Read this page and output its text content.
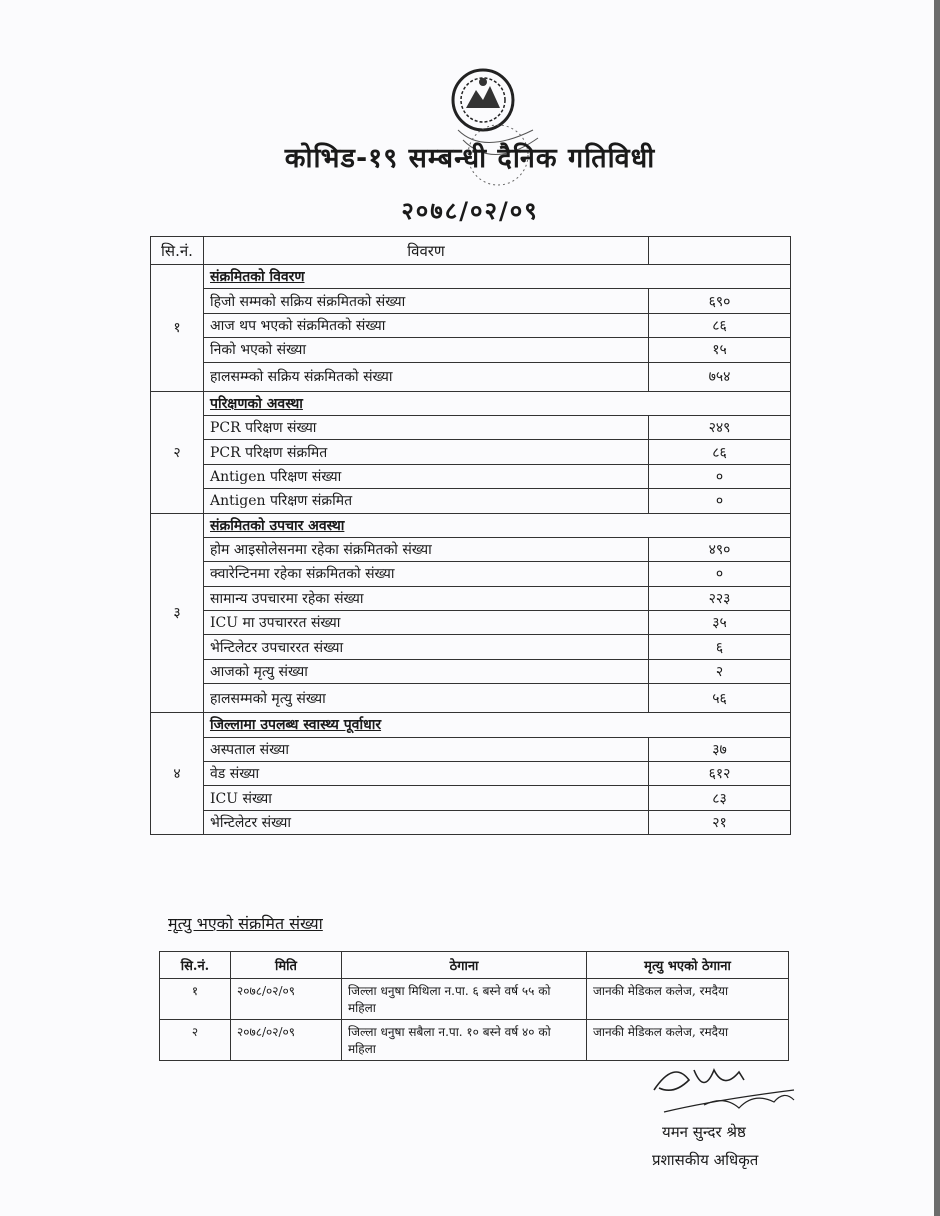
कोभिड-१९ सम्बन्धी दैनिक गतिविधी
२०७८/०२/०९
सि.नं.	विवरण	
१	संक्रमितको विवरण	
	हिजो सम्मको सक्रिय संक्रमितको संख्या	६९०
	आज थप भएको संक्रमितको संख्या	८६
	निको भएको संख्या	१५
	हालसम्म्को सक्रिय संक्रमितको संख्या	७५४
२	परिक्षणको अवस्था	
	PCR परिक्षण संख्या	२४९
	PCR परिक्षण संक्रमित	८६
	Antigen परिक्षण संख्या	०
	Antigen परिक्षण संक्रमित	०
३	संक्रमितको उपचार अवस्था	
	होम आइसोलेसनमा रहेका संक्रमितको संख्या	४९०
	क्वारेन्टिनमा रहेका संक्रमितको संख्या	०
	सामान्य उपचारमा रहेका संख्या	२२३
	ICU मा उपचाररत संख्या	३५
	भेन्टिलेटर उपचाररत संख्या	६
	आजको मृत्यु संख्या	२
	हालसम्मको मृत्यु संख्या	५६
४	जिल्लामा उपलब्ध स्वास्थ्य पूर्वाधार	
	अस्पताल संख्या	३७
	वेड संख्या	६१२
	ICU संख्या	८३
	भेन्टिलेटर संख्या	२१
मृत्यु भएको संक्रमित संख्या
सि.नं.	मिति	ठेगाना	मृत्यु भएको ठेगाना
१	२०७८/०२/०९	जिल्ला धनुषा मिथिला न.पा. ६ बस्ने वर्ष ५५ को महिला	जानकी मेडिकल कलेज, रमदैया
२	२०७८/०२/०९	जिल्ला धनुषा सबैला न.पा. १० बस्ने वर्ष ४० को महिला	जानकी मेडिकल कलेज, रमदैया
यमन सुन्दर श्रेष्ठ
प्रशासकीय अधिकृत
